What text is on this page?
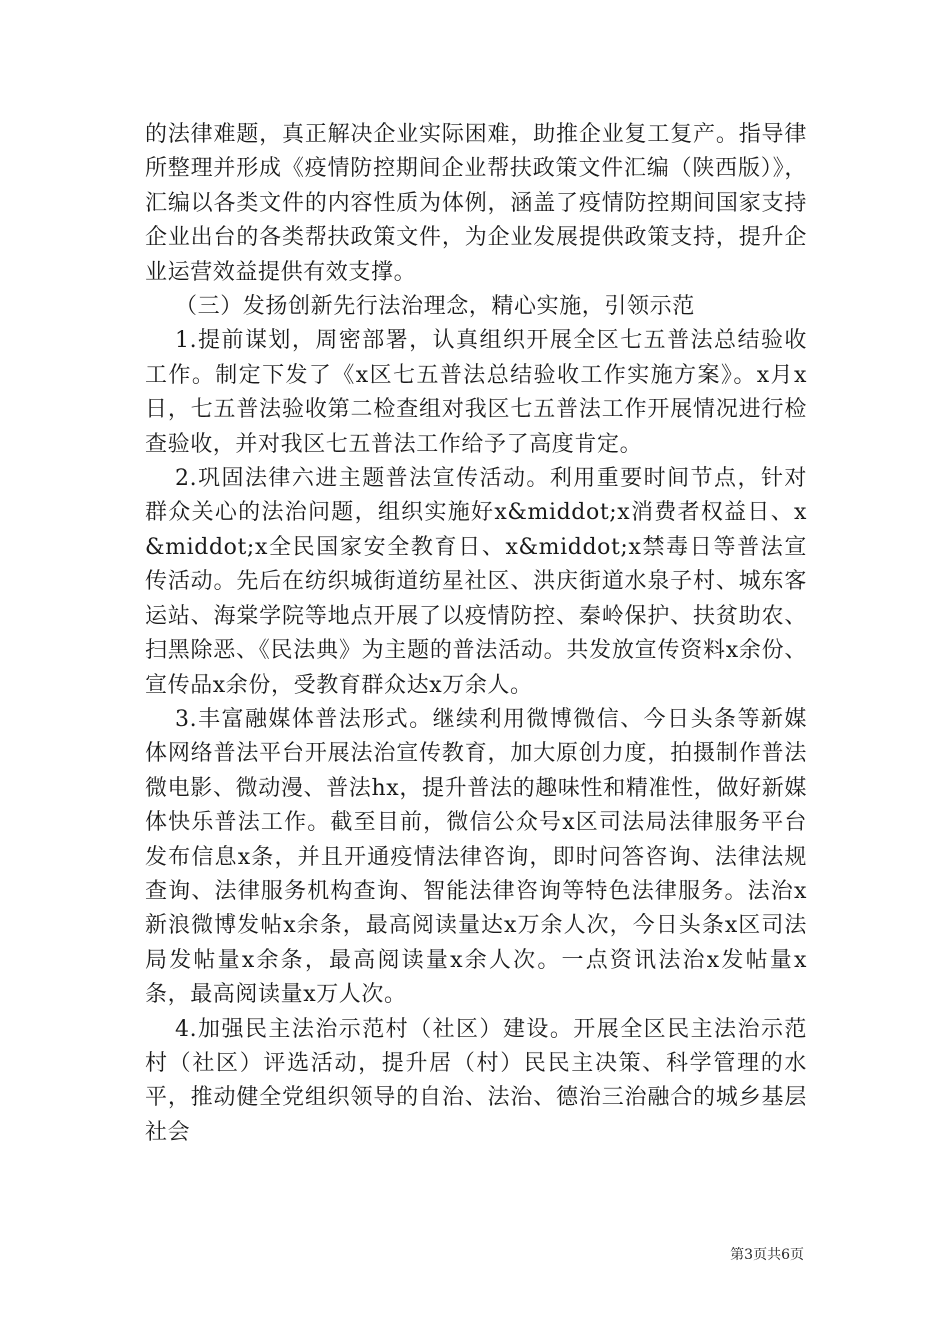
的法律难题，真正解决企业实际困难，助推企业复工复产。指导律所整理并形成《疫情防控期间企业帮扶政策文件汇编（陕西版）》，汇编以各类文件的内容性质为体例，涵盖了疫情防控期间国家支持企业出台的各类帮扶政策文件，为企业发展提供政策支持，提升企业运营效益提供有效支撑。

（三）发扬创新先行法治理念，精心实施，引领示范

1.提前谋划，周密部署，认真组织开展全区七五普法总结验收工作。制定下发了《x区七五普法总结验收工作实施方案》。x月x日，七五普法验收第二检查组对我区七五普法工作开展情况进行检查验收，并对我区七五普法工作给予了高度肯定。

2.巩固法律六进主题普法宣传活动。利用重要时间节点，针对群众关心的法治问题，组织实施好x&middot;x消费者权益日、x&middot;x全民国家安全教育日、x&middot;x禁毒日等普法宣传活动。先后在纺织城街道纺星社区、洪庆街道水泉子村、城东客运站、海棠学院等地点开展了以疫情防控、秦岭保护、扶贫助农、扫黑除恶、《民法典》为主题的普法活动。共发放宣传资料x余份、宣传品x余份，受教育群众达x万余人。

3.丰富融媒体普法形式。继续利用微博微信、今日头条等新媒体网络普法平台开展法治宣传教育，加大原创力度，拍摄制作普法微电影、微动漫、普法hx，提升普法的趣味性和精准性，做好新媒体快乐普法工作。截至目前，微信公众号x区司法局法律服务平台发布信息x条，并且开通疫情法律咨询，即时问答咨询、法律法规查询、法律服务机构查询、智能法律咨询等特色法律服务。法治x新浪微博发帖x余条，最高阅读量达x万余人次，今日头条x区司法局发帖量x余条，最高阅读量x余人次。一点资讯法治x发帖量x条，最高阅读量x万人次。

4.加强民主法治示范村（社区）建设。开展全区民主法治示范村（社区）评选活动，提升居（村）民民主决策、科学管理的水平，推动健全党组织领导的自治、法治、德治三治融合的城乡基层社会

第3页共6页
